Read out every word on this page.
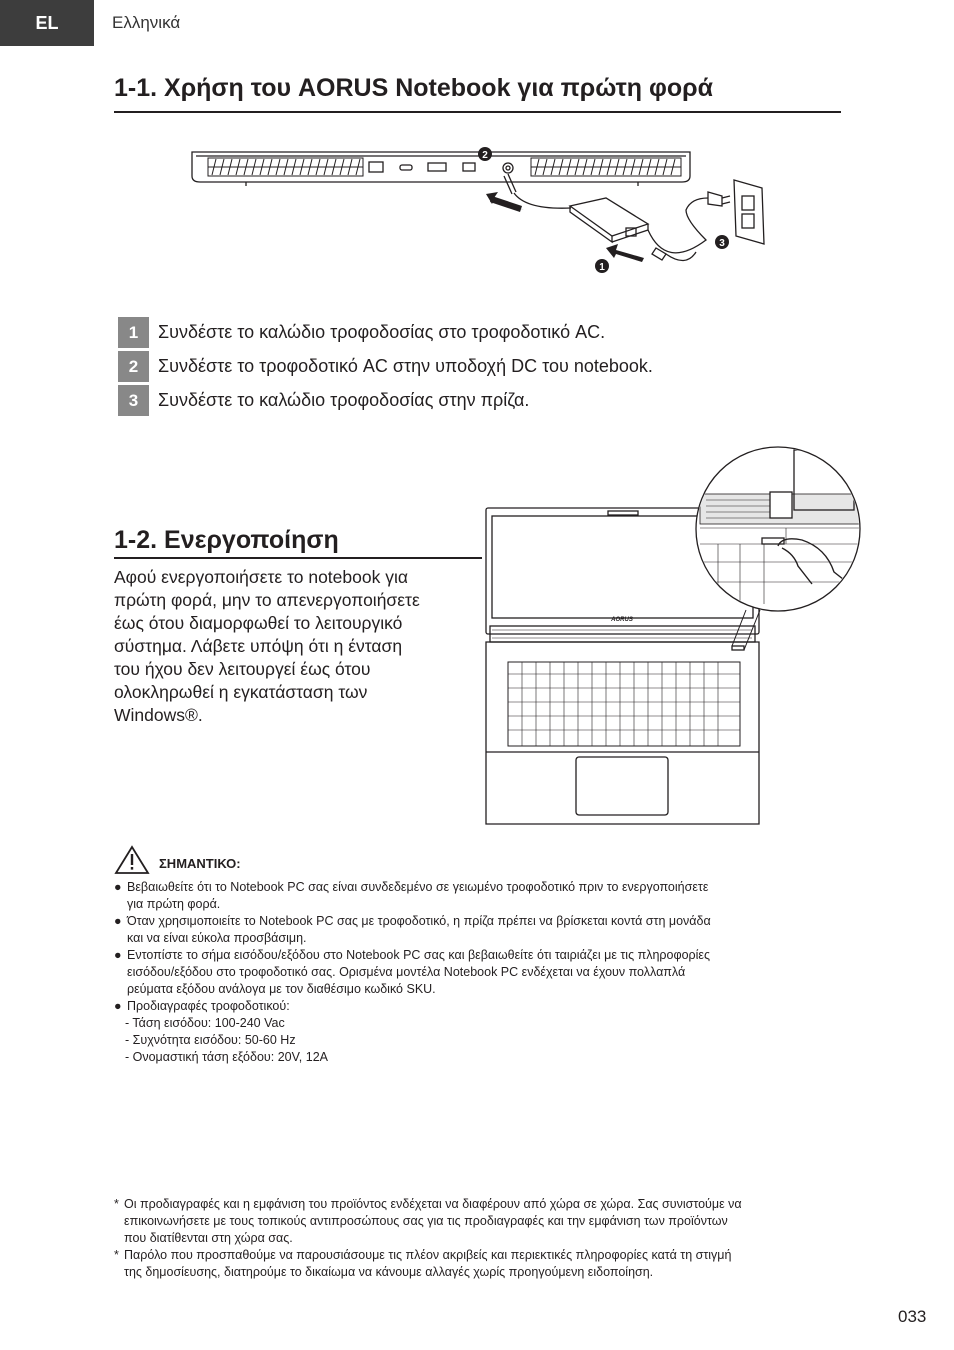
EL	Ελληνικά
1-1. Χρήση του AORUS Notebook για πρώτη φορά
2
1
3
1	Συνδέστε το καλώδιο τροφοδοσίας στο τροφοδοτικό AC.
2	Συνδέστε το τροφοδοτικό AC στην υποδοχή DC του notebook.
3	Συνδέστε το καλώδιο τροφοδοσίας στην πρίζα.
1-2. Ενεργοποίηση
Αφού ενεργοποιήσετε το notebook για
πρώτη φορά, μην το απενεργοποιήσετε
έως ότου διαμορφωθεί το λειτουργικό
σύστημα. Λάβετε υπόψη ότι η ένταση
του ήχου δεν λειτουργεί έως ότου
ολοκληρωθεί η εγκατάσταση των
Windows®.
AORUS
ΣΗΜΑΝΤΙΚΟ:
● Βεβαιωθείτε ότι το Notebook PC σας είναι συνδεδεμένο σε γειωμένο τροφοδοτικό πριν το ενεργοποιήσετε
για πρώτη φορά.
● Όταν χρησιμοποιείτε το Notebook PC σας με τροφοδοτικό, η πρίζα πρέπει να βρίσκεται κοντά στη μονάδα
και να είναι εύκολα προσβάσιμη.
● Εντοπίστε το σήμα εισόδου/εξόδου στο Notebook PC σας και βεβαιωθείτε ότι ταιριάζει με τις πληροφορίες
εισόδου/εξόδου στο τροφοδοτικό σας. Ορισμένα μοντέλα Notebook PC ενδέχεται να έχουν πολλαπλά
ρεύματα εξόδου ανάλογα με τον διαθέσιμο κωδικό SKU.
● Προδιαγραφές τροφοδοτικού:
- Τάση εισόδου: 100-240 Vac
- Συχνότητα εισόδου: 50-60 Hz
- Ονομαστική τάση εξόδου: 20V, 12A
* Οι προδιαγραφές και η εμφάνιση του προϊόντος ενδέχεται να διαφέρουν από χώρα σε χώρα. Σας συνιστούμε να
επικοινωνήσετε με τους τοπικούς αντιπροσώπους σας για τις προδιαγραφές και την εμφάνιση των προϊόντων
που διατίθενται στη χώρα σας.
* Παρόλο που προσπαθούμε να παρουσιάσουμε τις πλέον ακριβείς και περιεκτικές πληροφορίες κατά τη στιγμή
της δημοσίευσης, διατηρούμε το δικαίωμα να κάνουμε αλλαγές χωρίς προηγούμενη ειδοποίηση.
033
